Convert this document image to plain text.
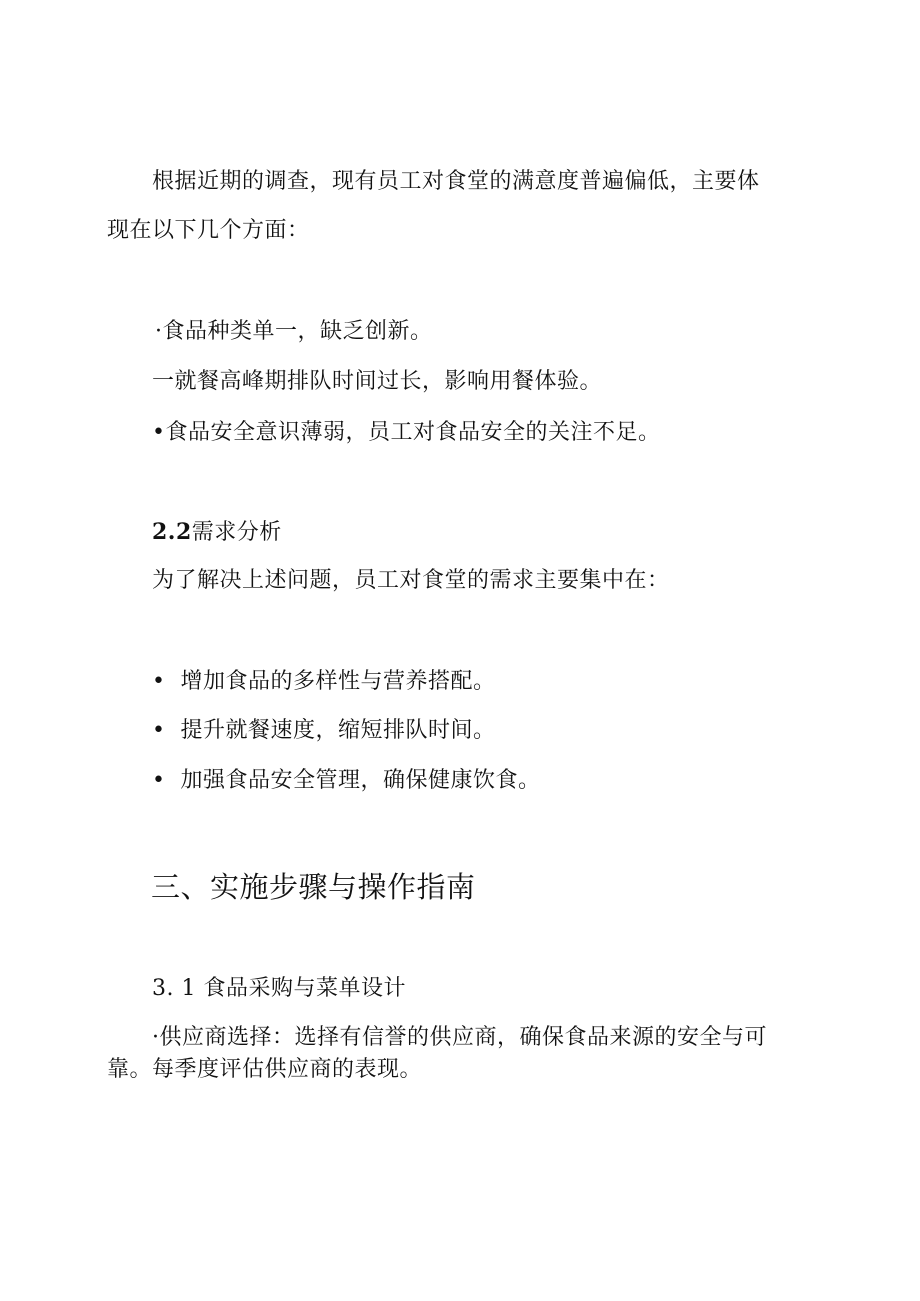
根据近期的调查，现有员工对食堂的满意度普遍偏低，主要体
现在以下几个方面：
·食品种类单一，缺乏创新。
一就餐高峰期排队时间过长，影响用餐体验。
•食品安全意识薄弱，员工对食品安全的关注不足。
2.2需求分析
为了解决上述问题，员工对食堂的需求主要集中在：
• 增加食品的多样性与营养搭配。
• 提升就餐速度，缩短排队时间。
• 加强食品安全管理，确保健康饮食。
三、实施步骤与操作指南
3. 1 食品采购与菜单设计
·供应商选择：选择有信誉的供应商，确保食品来源的安全与可
靠。每季度评估供应商的表现。
